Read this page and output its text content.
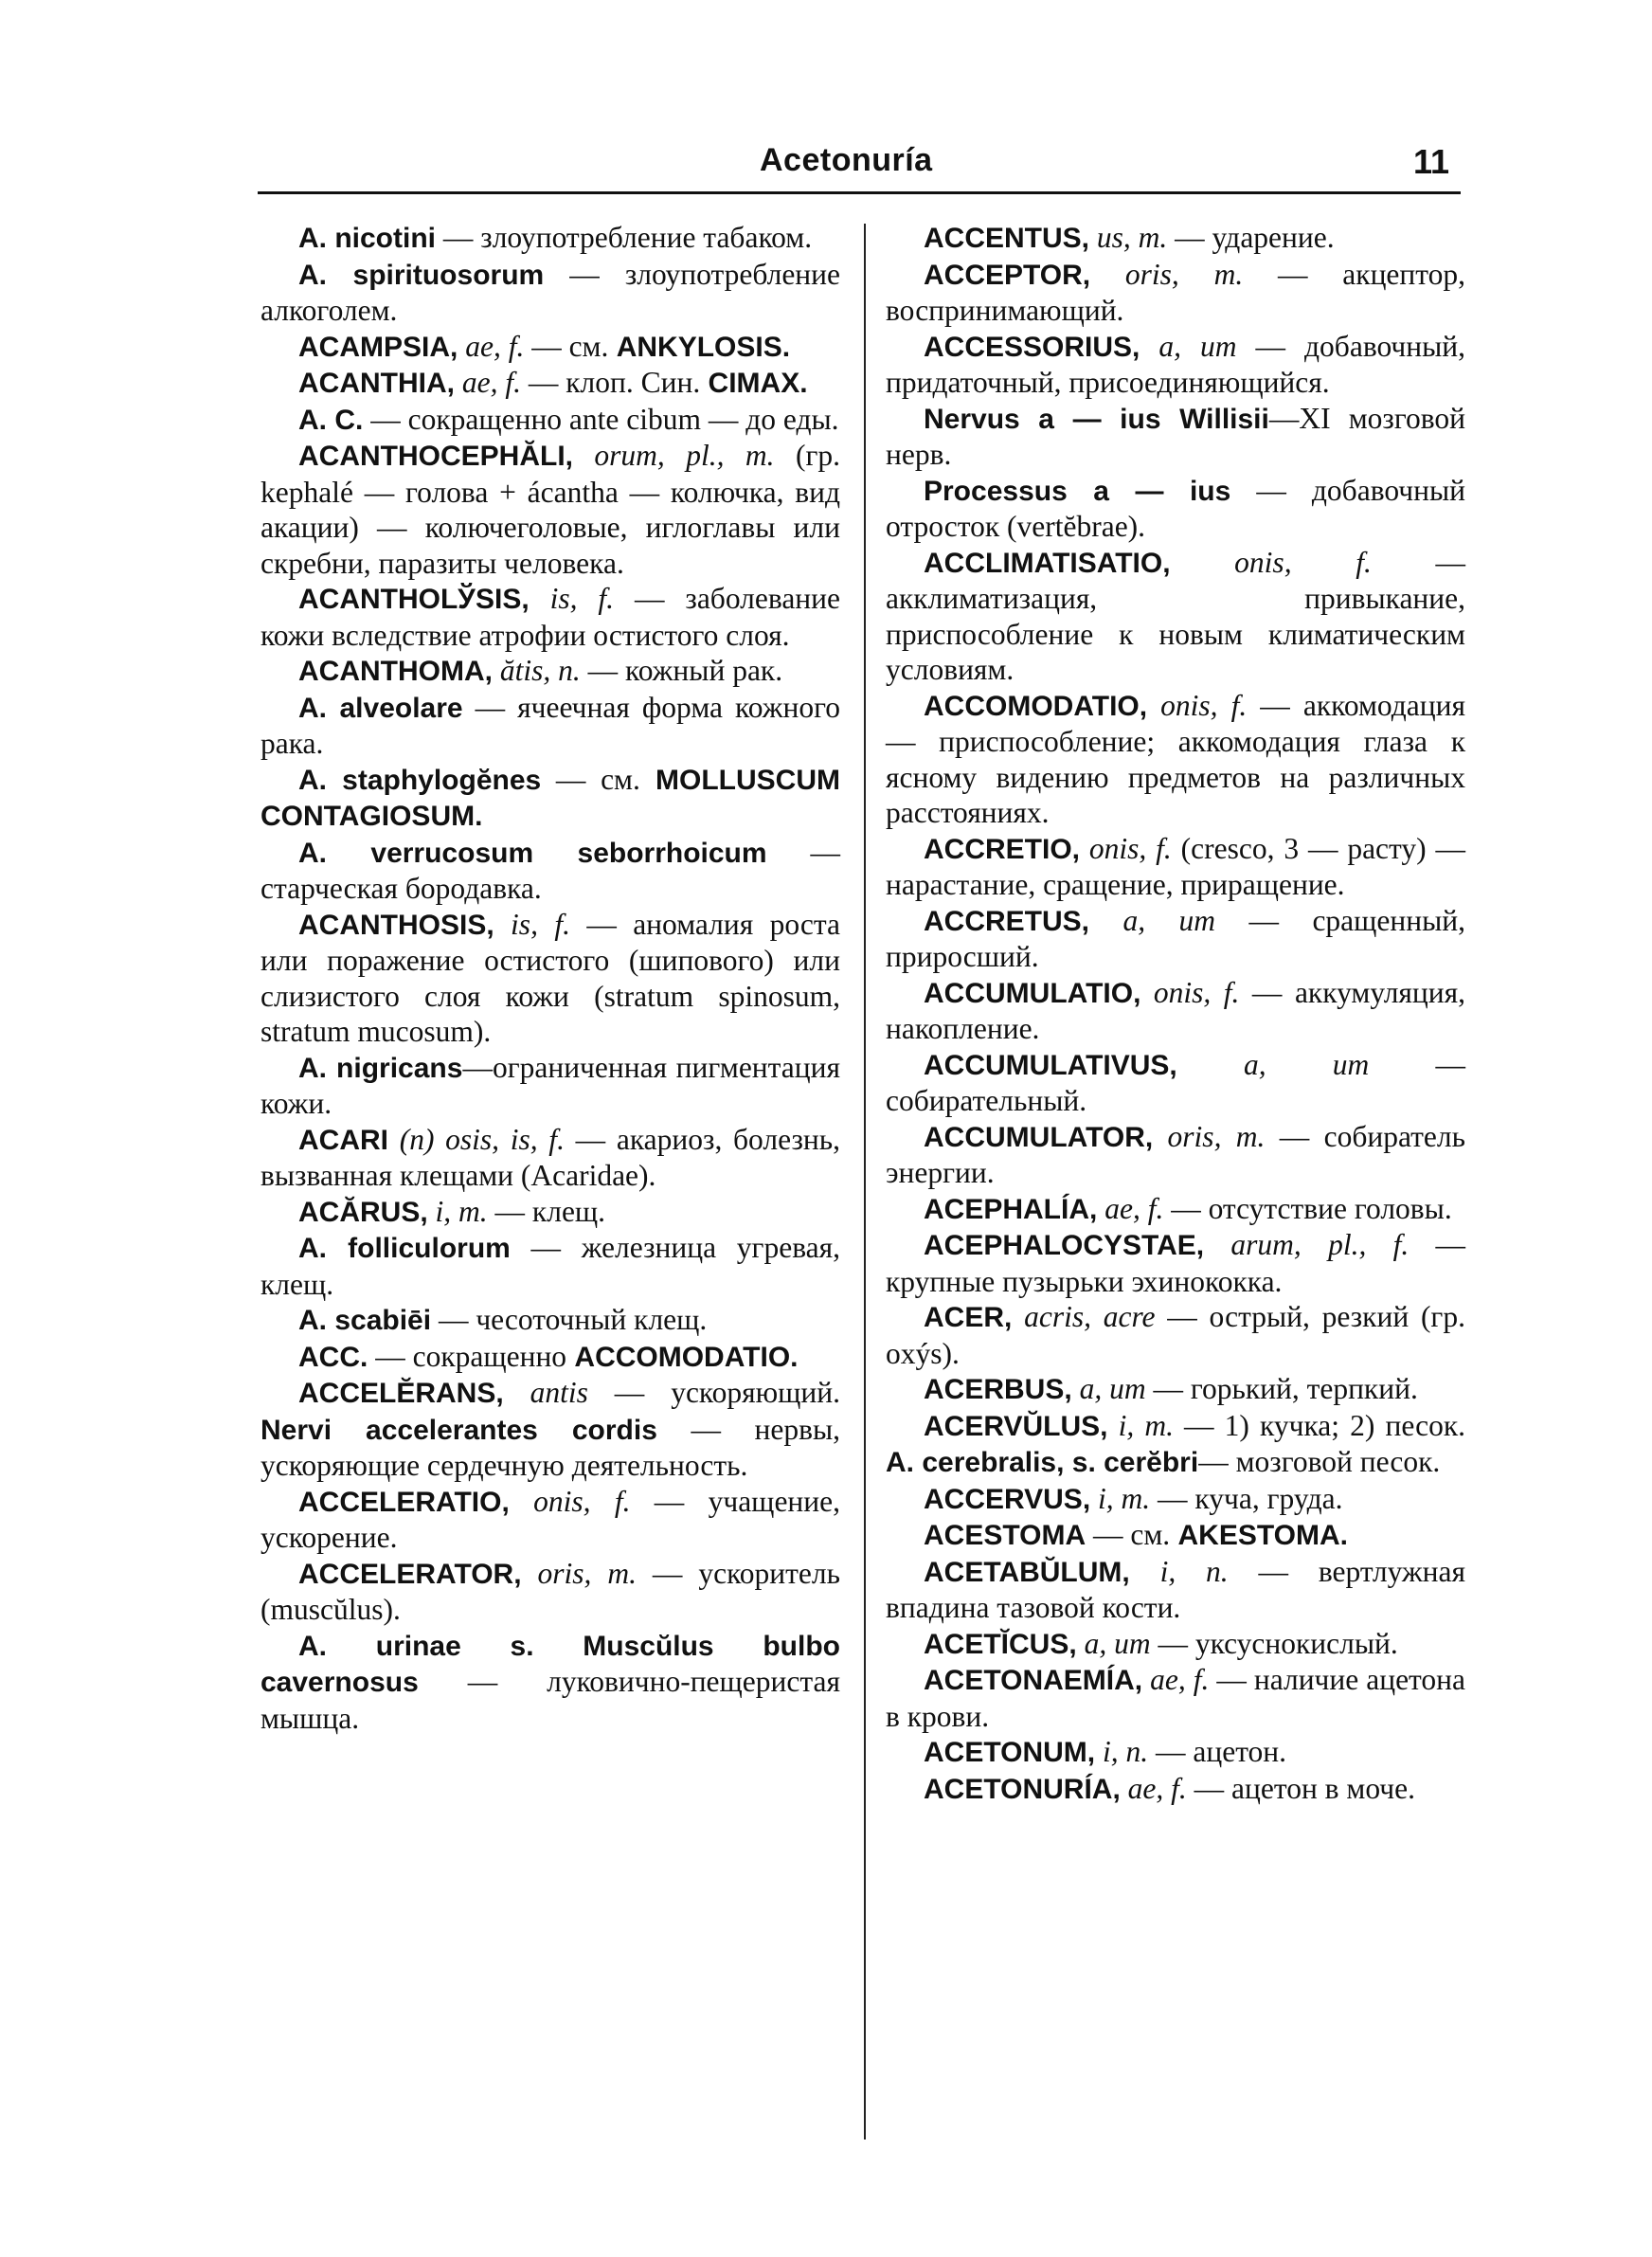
Acetonuría	11

A. nicotini — злоупотребление табаком.

A. spirituosorum — злоупотребление алкоголем.

ACAMPSIA, ae, f. — см. ANKYLOSIS.

ACANTHIA, ae, f. — клоп. Син. CIMAX.

A. C. — сокращенно ante cibum — до еды.

ACANTHOCEPHĂLI, orum, pl., m. (гр. kephalé — голова + ácantha — колючка, вид акации) — колючеголовые, иглоглавы или скребни, паразиты человека.

ACANTHOLЎSIS, is, f. — заболевание кожи вследствие атрофии остистого слоя.

ACANTHOMA, ătis, n. — кожный рак.

A. alveolare — ячеечная форма кожного рака.

A. staphylogĕnes — см. MOLLUSCUM CONTAGIOSUM.

A. verrucosum seborrhoicum — старческая бородавка.

ACANTHOSIS, is, f. — аномалия роста или поражение остистого (шипового) или слизистого слоя кожи (stratum spinosum, stratum mucosum).

A. nigricans—ограниченная пигментация кожи.

ACARI (n) osis, is, f. — акариоз, болезнь, вызванная клещами (Acaridae).

ACĂRUS, i, m. — клещ.

A. folliculorum — железница угревая, клещ.

A. scabiēi — чесоточный клещ.

ACC. — сокращенно ACCOMODATIO.

ACCELĔRANS, antis — ускоряющий. Nervi accelerantes cordis — нервы, ускоряющие сердечную деятельность.

ACCELERATIO, onis, f. — учащение, ускорение.

ACCELERATOR, oris, m. — ускоритель (muscŭlus).

A. urinae s. Muscŭlus bulbo cavernosus — луковично-пещеристая мышца.

ACCENTUS, us, m. — ударение.

ACCEPTOR, oris, m. — акцептор, воспринимающий.

ACCESSORIUS, a, um — добавочный, придаточный, присоединяющийся.

Nervus a — ius Willisii—XI мозговой нерв.

Processus a — ius — добавочный отросток (vertĕbrae).

ACCLIMATISATIO, onis, f. — акклиматизация, привыкание, приспособление к новым климатическим условиям.

ACCOMODATIO, onis, f. — аккомодация — приспособление; аккомодация глаза к ясному видению предметов на различных расстояниях.

ACCRETIO, onis, f. (cresco, 3 — расту) — нарастание, сращение, приращение.

ACCRETUS, a, um — сращенный, приросший.

ACCUMULATIO, onis, f. — аккумуляция, накопление.

ACCUMULATIVUS, a, um — собирательный.

ACCUMULATOR, oris, m. — собиратель энергии.

ACEPHALÍA, ae, f. — отсутствие головы.

ACEPHALOCYSTAE, arum, pl., f. — крупные пузырьки эхинококка.

ACER, acris, acre — острый, резкий (гр. oxýs).

ACERBUS, a, um — горький, терпкий.

ACERVŬLUS, i, m. — 1) кучка; 2) песок. A. cerebralis, s. cerĕbri— мозговой песок.

ACCERVUS, i, m. — куча, груда.

ACESTOMA — см. AKESTOMA.

ACETABŬLUM, i, n. — вертлужная впадина тазовой кости.

ACETĬCUS, a, um — уксуснокислый.

ACETONAEMÍA, ae, f. — наличие ацетона в крови.

ACETONUM, i, n. — ацетон.

ACETONURÍA, ae, f. — ацетон в моче.
